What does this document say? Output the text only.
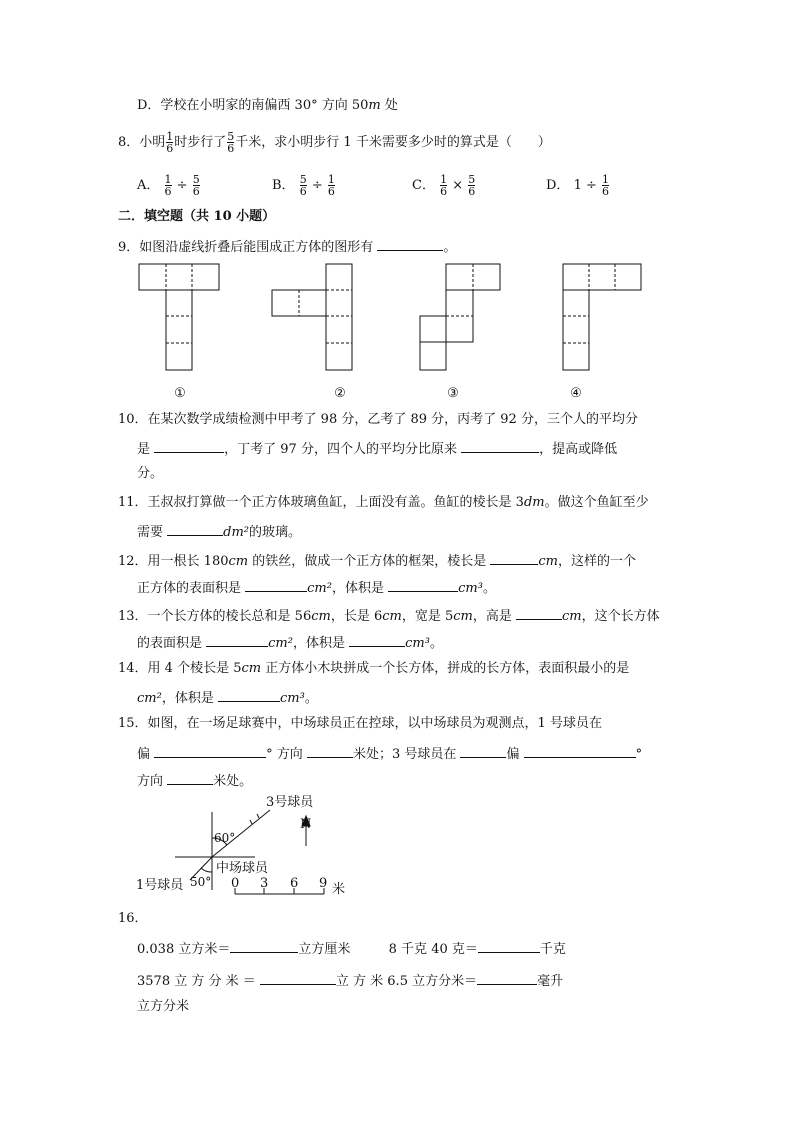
D．学校在小明家的南偏西 30° 方向 50m 处
8．小明 $\frac{1}{6}$ 时步行了 $\frac{5}{6}$ 千米，求小明步行 1 千米需要多少时的算式是（　　）
A． $\frac{1}{6} \div \frac{5}{6}$	B． $\frac{5}{6} \div \frac{1}{6}$	C． $\frac{1}{6} \times \frac{5}{6}$	D． $1 \div \frac{1}{6}$
二．填空题（共 10 小题）
9．如图沿虚线折叠后能围成正方体的图形有	。
①	②	③	④
10．在某次数学成绩检测中甲考了 98 分，乙考了 89 分，丙考了 92 分，三个人的平均分
是	，丁考了 97 分，四个人的平均分比原来	，提高或降低
分。
11．王叔叔打算做一个正方体玻璃鱼缸，上面没有盖。鱼缸的棱长是 3dm。做这个鱼缸至少
需要	dm²的玻璃。
12．用一根长 180cm 的铁丝，做成一个正方体的框架，棱长是	cm，这样的一个
正方体的表面积是	cm²，体积是	cm³。
13．一个长方体的棱长总和是 56cm，长是 6cm，宽是 5cm，高是	cm，这个长方体
的表面积是	cm²，体积是	cm³。
14．用 4 个棱长是 5cm 正方体小木块拼成一个长方体，拼成的长方体，表面积最小的是
cm²，体积是	cm³。
15．如图，在一场足球赛中，中场球员正在控球，以中场球员为观测点，1 号球员在
偏	° 方向	米处；3 号球员在	偏	°
方向	米处。
3号球员
N
60°
中场球员
1号球员 50° 0 3 6 9 米
16．
0.038 立方米＝	立方厘米	8 千克 40 克＝	千克
3578 立 方 分 米 ＝	立 方 米 6.5 立方分米＝	毫升
立方分米
